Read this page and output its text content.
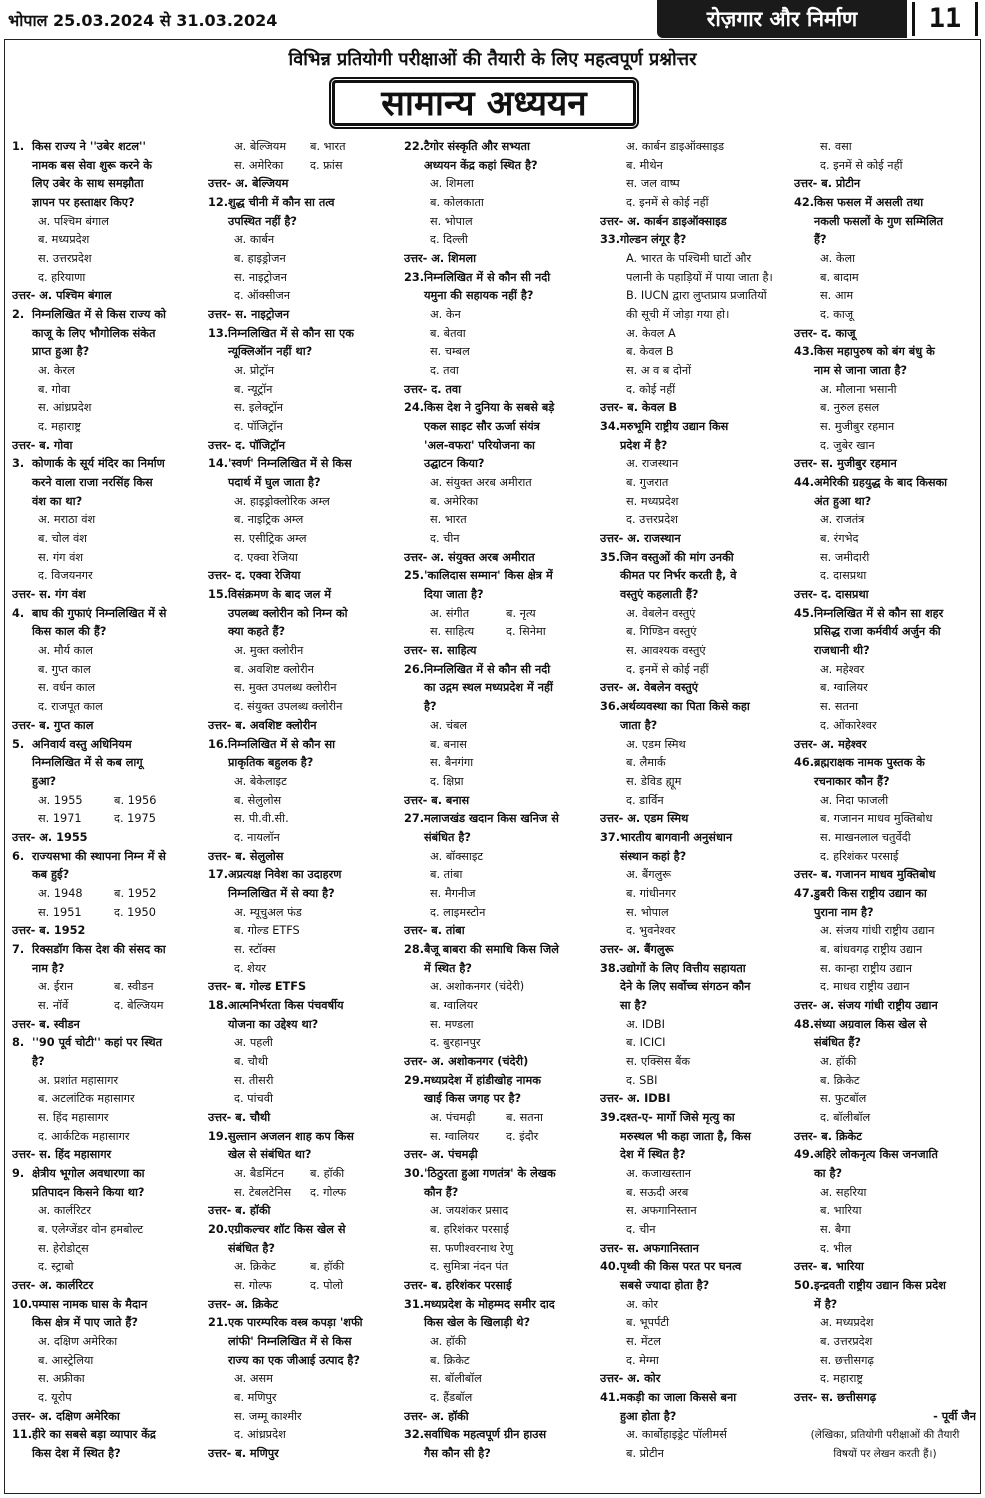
भोपाल 25.03.2024 से 31.03.2024	रोज़गार और निर्माण	11
विभिन्न प्रतियोगी परीक्षाओं की तैयारी के लिए महत्वपूर्ण प्रश्नोत्तर
सामान्य अध्ययन
1. किस राज्य ने ''उबेर शटल''
नामक बस सेवा शुरू करने के
लिए उबेर के साथ समझौता
ज्ञापन पर हस्ताक्षर किए?
अ. पश्चिम बंगाल
ब. मध्यप्रदेश
स. उत्तरप्रदेश
द. हरियाणा
उत्तर- अ. पश्चिम बंगाल
2. निम्नलिखित में से किस राज्य को
काजू के लिए भौगोलिक संकेत
प्राप्त हुआ है?
अ. केरल
ब. गोवा
स. आंध्रप्रदेश
द. महाराष्ट्र
उत्तर- ब. गोवा
3. कोणार्क के सूर्य मंदिर का निर्माण
करने वाला राजा नरसिंह किस
वंश का था?
अ. मराठा वंश
ब. चोल वंश
स. गंग वंश
द. विजयनगर
उत्तर- स. गंग वंश
4. बाघ की गुफाएं निम्नलिखित में से
किस काल की हैं?
अ. मौर्य काल
ब. गुप्त काल
स. वर्धन काल
द. राजपूत काल
उत्तर- ब. गुप्त काल
5. अनिवार्य वस्तु अधिनियम
निम्नलिखित में से कब लागू
हुआ?
अ. 1955	ब. 1956
स. 1971	द. 1975
उत्तर- अ. 1955
6. राज्यसभा की स्थापना निम्न में से
कब हुई?
अ. 1948	ब. 1952
स. 1951	द. 1950
उत्तर- ब. 1952
7. रिक्सडॉग किस देश की संसद का
नाम है?
अ. ईरान	ब. स्वीडन
स. नॉर्वे	द. बेल्जियम
उत्तर- ब. स्वीडन
8. ''90 पूर्व चोटी'' कहां पर स्थित
है?
अ. प्रशांत महासागर
ब. अटलांटिक महासागर
स. हिंद महासागर
द. आर्कटिक महासागर
उत्तर- स. हिंद महासागर
9. क्षेत्रीय भूगोल अवधारणा का
प्रतिपादन किसने किया था?
अ. कार्लरिटर
ब. एलेग्जेंडर वोन हमबोल्ट
स. हेरोडोट्स
द. स्ट्राबो
उत्तर- अ. कार्लरिटर
10.पम्पास नामक घास के मैदान
किस क्षेत्र में पाए जाते हैं?
अ. दक्षिण अमेरिका
ब. आस्ट्रेलिया
स. अफ्रीका
द. यूरोप
उत्तर- अ. दक्षिण अमेरिका
11.हीरे का सबसे बड़ा व्यापार केंद्र
किस देश में स्थित है?
अ. बेल्जियम ब. भारत
स. अमेरिका द. फ्रांस
उत्तर- अ. बेल्जियम
12.शुद्ध चीनी में कौन सा तत्व
उपस्थित नहीं है?
अ. कार्बन
ब. हाइड्रोजन
स. नाइट्रोजन
द. ऑक्सीजन
उत्तर- स. नाइट्रोजन
13.निम्नलिखित में से कौन सा एक
न्यूक्लिऑन नहीं था?
अ. प्रोट्रॉन
ब. न्यूट्रॉन
स. इलेक्ट्रॉन
द. पॉजिट्रॉन
उत्तर- द. पॉजिट्रॉन
14.'स्वर्ण' निम्नलिखित में से किस
पदार्थ में घुल जाता है?
अ. हाइड्रोक्लोरिक अम्ल
ब. नाइट्रिक अम्ल
स. एसीट्रिक अम्ल
द. एक्वा रेजिया
उत्तर- द. एक्वा रेजिया
15.विसंक्रमण के बाद जल में
उपलब्ध क्लोरीन को निम्न को
क्या कहते हैं?
अ. मुक्त क्लोरीन
ब. अवशिष्ट क्लोरीन
स. मुक्त उपलब्ध क्लोरीन
द. संयुक्त उपलब्ध क्लोरीन
उत्तर- ब. अवशिष्ट क्लोरीन
16.निम्नलिखित में से कौन सा
प्राकृतिक बहुलक है?
अ. बेकेलाइट
ब. सेलुलोस
स. पी.वी.सी.
द. नायलॉन
उत्तर- ब. सेलुलोस
17.अप्रत्यक्ष निवेश का उदाहरण
निम्नलिखित में से क्या है?
अ. म्यूचुअल फंड
ब. गोल्ड ETFS
स. स्टॉक्स
द. शेयर
उत्तर- ब. गोल्ड ETFS
18.आत्मनिर्भरता किस पंचवर्षीय
योजना का उद्देश्य था?
अ. पहली
ब. चौथी
स. तीसरी
द. पांचवी
उत्तर- ब. चौथी
19.सुल्तान अजलन शाह कप किस
खेल से संबंधित था?
अ. बैडमिंटन ब. हॉकी
स. टेबलटेनिस द. गोल्फ
उत्तर- ब. हॉकी
20.एग्रीकल्चर शॉट किस खेल से
संबंधित है?
अ. क्रिकेट	ब. हॉकी
स. गोल्फ	द. पोलो
उत्तर- अ. क्रिकेट
21.एक पारम्परिक वस्त्र कपड़ा 'शफी
लांफी' निम्नलिखित में से किस
राज्य का एक जीआई उत्पाद है?
अ. असम
ब. मणिपुर
स. जम्मू काश्मीर
द. आंध्रप्रदेश
उत्तर- ब. मणिपुर
22.टैगोर संस्कृति और सभ्यता
अध्ययन केंद्र कहां स्थित है?
अ. शिमला
ब. कोलकाता
स. भोपाल
द. दिल्ली
उत्तर- अ. शिमला
23.निम्नलिखित में से कौन सी नदी
यमुना की सहायक नहीं है?
अ. केन
ब. बेतवा
स. चम्बल
द. तवा
उत्तर- द. तवा
24.किस देश ने दुनिया के सबसे बड़े
एकल साइट सौर ऊर्जा संयंत्र
'अल-वफरा' परियोजना का
उद्घाटन किया?
अ. संयुक्त अरब अमीरात
ब. अमेरिका
स. भारत
द. चीन
उत्तर- अ. संयुक्त अरब अमीरात
25.'कालिदास सम्मान' किस क्षेत्र में
दिया जाता है?
अ. संगीत	ब. नृत्य
स. साहित्य	द. सिनेमा
उत्तर- स. साहित्य
26.निम्नलिखित में से कौन सी नदी
का उद्गम स्थल मध्यप्रदेश में नहीं
है?
अ. चंबल
ब. बनास
स. बैनगंगा
द. क्षिप्रा
उत्तर- ब. बनास
27.मलाजखंड खदान किस खनिज से
संबंधित है?
अ. बॉक्साइट
ब. तांबा
स. मैगनीज
द. लाइमस्टोन
उत्तर- ब. तांबा
28.बैजू बाबरा की समाधि किस जिले
में स्थित है?
अ. अशोकनगर (चंदेरी)
ब. ग्वालियर
स. मण्डला
द. बुरहानपुर
उत्तर- अ. अशोकनगर (चंदेरी)
29.मध्यप्रदेश में हांडीखोह नामक
खाई किस जगह पर है?
अ. पंचमढ़ी	ब. सतना
स. ग्वालियर द. इंदौर
उत्तर- अ. पंचमढ़ी
30.'ठिठुरता हुआ गणतंत्र' के लेखक
कौन हैं?
अ. जयशंकर प्रसाद
ब. हरिशंकर परसाई
स. फणीश्वरनाथ रेणु
द. सुमित्रा नंदन पंत
उत्तर- ब. हरिशंकर परसाई
31.मध्यप्रदेश के मोहम्मद समीर दाद
किस खेल के खिलाड़ी थे?
अ. हॉकी
ब. क्रिकेट
स. बॉलीबॉल
द. हैंडबॉल
उत्तर- अ. हॉकी
32.सर्वाधिक महत्वपूर्ण ग्रीन हाउस
गैस कौन सी है?
अ. कार्बन डाइऑक्साइड
ब. मीथेन
स. जल वाष्प
द. इनमें से कोई नहीं
उत्तर- अ. कार्बन डाइऑक्साइड
33.गोल्डन लंगूर है?
A. भारत के पश्चिमी घाटों और
पलानी के पहाड़ियों में पाया जाता है।
B. IUCN द्वारा लुप्तप्राय प्रजातियों
की सूची में जोड़ा गया हो।
अ. केवल A
ब. केवल B
स. अ व ब दोनों
द. कोई नहीं
उत्तर- ब. केवल B
34.मरुभूमि राष्ट्रीय उद्यान किस
प्रदेश में है?
अ. राजस्थान
ब. गुजरात
स. मध्यप्रदेश
द. उत्तरप्रदेश
उत्तर- अ. राजस्थान
35.जिन वस्तुओं की मांग उनकी
कीमत पर निर्भर करती है, वे
वस्तुएं कहलाती हैं?
अ. वेबलेन वस्तुएं
ब. गिण्डिन वस्तुएं
स. आवश्यक वस्तुएं
द. इनमें से कोई नहीं
उत्तर- अ. वेबलेन वस्तुएं
36.अर्थव्यवस्था का पिता किसे कहा
जाता है?
अ. एडम स्मिथ
ब. लैमार्क
स. डेविड ह्यूम
द. डार्विन
उत्तर- अ. एडम स्मिथ
37.भारतीय बागवानी अनुसंधान
संस्थान कहां है?
अ. बैंगलुरू
ब. गांधीनगर
स. भोपाल
द. भुवनेश्वर
उत्तर- अ. बैंगलुरू
38.उद्योगों के लिए वित्तीय सहायता
देने के लिए सर्वोच्च संगठन कौन
सा है?
अ. IDBI
ब. ICICI
स. एक्सिस बैंक
द. SBI
उत्तर- अ. IDBI
39.दश्त-ए- मार्गो जिसे मृत्यु का
मरुस्थल भी कहा जाता है, किस
देश में स्थित है?
अ. कजाखस्तान
ब. सऊदी अरब
स. अफगानिस्तान
द. चीन
उत्तर- स. अफगानिस्तान
40.पृथ्वी की किस परत पर घनत्व
सबसे ज्यादा होता है?
अ. कोर
ब. भूपर्पटी
स. मेंटल
द. मेग्मा
उत्तर- अ. कोर
41.मकड़ी का जाला किससे बना
हुआ होता है?
अ. कार्बोहाइड्रेट पॉलीमर्स
ब. प्रोटीन
स. वसा
द. इनमें से कोई नहीं
उत्तर- ब. प्रोटीन
42.किस फसल में असली तथा
नकली फसलों के गुण सम्मिलित
हैं?
अ. केला
ब. बादाम
स. आम
द. काजू
उत्तर- द. काजू
43.किस महापुरुष को बंग बंधु के
नाम से जाना जाता है?
अ. मौलाना भसानी
ब. नुरुल हसल
स. मुजीबुर रहमान
द. जुबेर खान
उत्तर- स. मुजीबुर रहमान
44.अमेरिकी ग्रहयुद्ध के बाद किसका
अंत हुआ था?
अ. राजतंत्र
ब. रंगभेद
स. जमीदारी
द. दासप्रथा
उत्तर- द. दासप्रथा
45.निम्नलिखित में से कौन सा शहर
प्रसिद्ध राजा कर्मवीर्य अर्जुन की
राजधानी थी?
अ. महेश्वर
ब. ग्वालियर
स. सतना
द. ओंकारेश्वर
उत्तर- अ. महेश्वर
46.ब्रह्मराक्षक नामक पुस्तक के
रचनाकार कौन हैं?
अ. निदा फाजली
ब. गजानन माधव मुक्तिबोध
स. माखनलाल चतुर्वेदी
द. हरिशंकर परसाई
उत्तर- ब. गजानन माधव मुक्तिबोध
47.डुबरी किस राष्ट्रीय उद्यान का
पुराना नाम है?
अ. संजय गांधी राष्ट्रीय उद्यान
ब. बांधवगढ़ राष्ट्रीय उद्यान
स. कान्हा राष्ट्रीय उद्यान
द. माधव राष्ट्रीय उद्यान
उत्तर- अ. संजय गांधी राष्ट्रीय उद्यान
48.संध्या अग्रवाल किस खेल से
संबंधित हैं?
अ. हॉकी
ब. क्रिकेट
स. फुटबॉल
द. बॉलीबॉल
उत्तर- ब. क्रिकेट
49.अहिरे लोकनृत्य किस जनजाति
का है?
अ. सहरिया
ब. भारिया
स. बैगा
द. भील
उत्तर- ब. भारिया
50.इन्द्रवती राष्ट्रीय उद्यान किस प्रदेश
में है?
अ. मध्यप्रदेश
ब. उत्तरप्रदेश
स. छत्तीसगढ़
द. महाराष्ट्र
उत्तर- स. छत्तीसगढ़
- पूर्वी जैन
(लेखिका, प्रतियोगी परीक्षाओं की तैयारी
विषयों पर लेखन करती हैं।)
